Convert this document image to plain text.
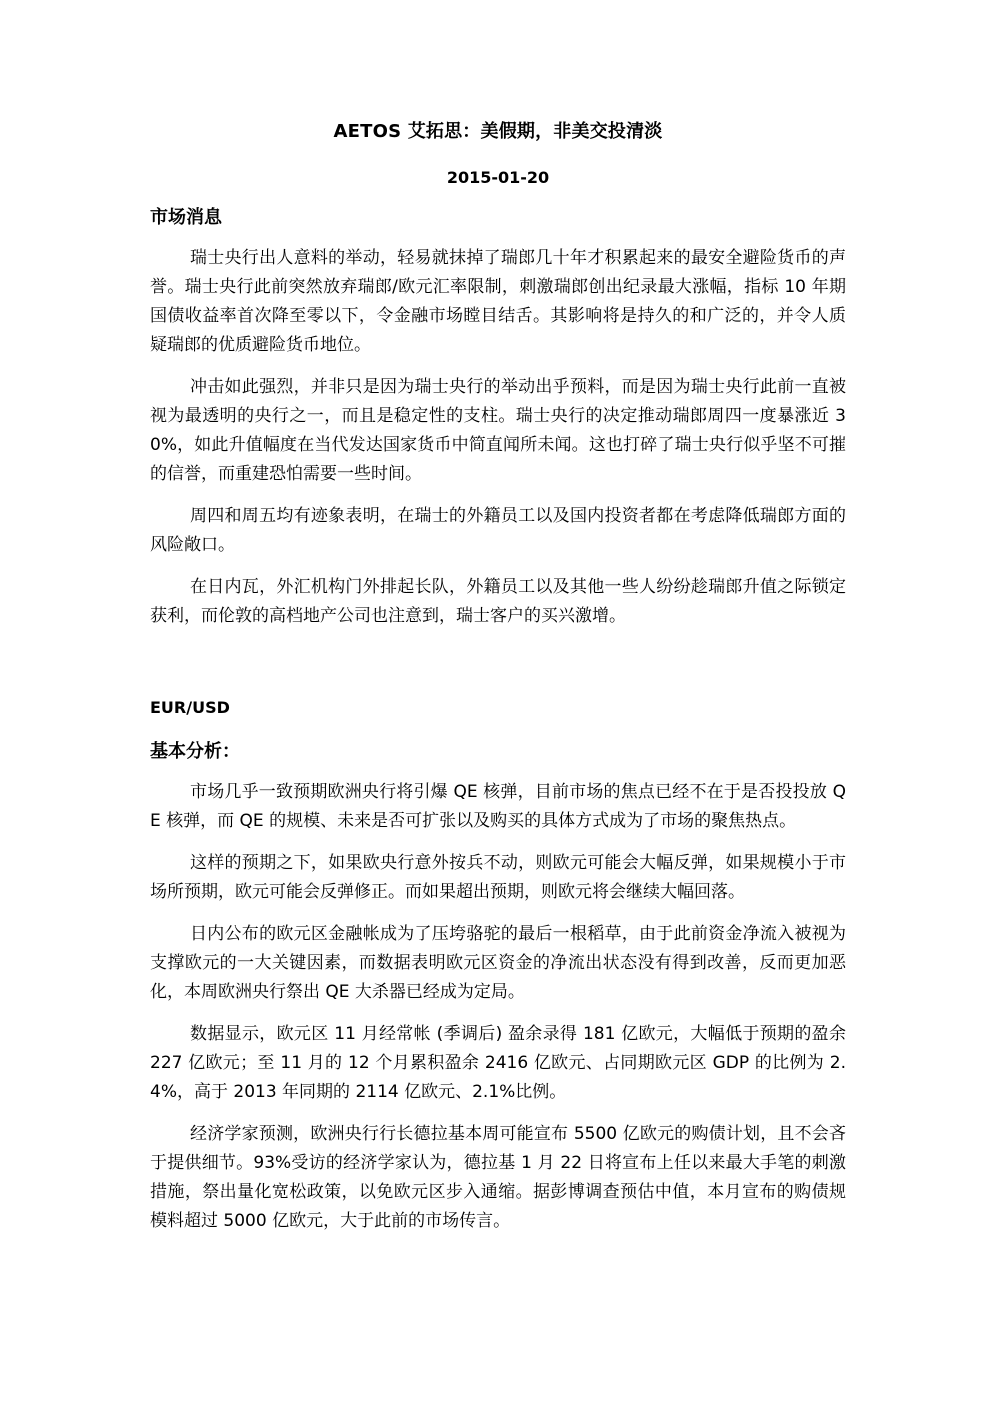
AETOS 艾拓思：美假期，非美交投清淡
2015-01-20
市场消息

瑞士央行出人意料的举动，轻易就抹掉了瑞郎几十年才积累起来的最安全避险货币的声誉。瑞士央行此前突然放弃瑞郎/欧元汇率限制，刺激瑞郎创出纪录最大涨幅，指标 10 年期国债收益率首次降至零以下，令金融市场瞠目结舌。其影响将是持久的和广泛的，并令人质疑瑞郎的优质避险货币地位。

冲击如此强烈，并非只是因为瑞士央行的举动出乎预料，而是因为瑞士央行此前一直被视为最透明的央行之一，而且是稳定性的支柱。瑞士央行的决定推动瑞郎周四一度暴涨近 30%，如此升值幅度在当代发达国家货币中简直闻所未闻。这也打碎了瑞士央行似乎坚不可摧的信誉，而重建恐怕需要一些时间。

周四和周五均有迹象表明，在瑞士的外籍员工以及国内投资者都在考虑降低瑞郎方面的风险敞口。

在日内瓦，外汇机构门外排起长队，外籍员工以及其他一些人纷纷趁瑞郎升值之际锁定获利，而伦敦的高档地产公司也注意到，瑞士客户的买兴激增。

EUR/USD
基本分析：

市场几乎一致预期欧洲央行将引爆 QE 核弹，目前市场的焦点已经不在于是否投投放 QE 核弹，而 QE 的规模、未来是否可扩张以及购买的具体方式成为了市场的聚焦热点。

这样的预期之下，如果欧央行意外按兵不动，则欧元可能会大幅反弹，如果规模小于市场所预期，欧元可能会反弹修正。而如果超出预期，则欧元将会继续大幅回落。

日内公布的欧元区金融帐成为了压垮骆驼的最后一根稻草，由于此前资金净流入被视为支撑欧元的一大关键因素，而数据表明欧元区资金的净流出状态没有得到改善，反而更加恶化，本周欧洲央行祭出 QE 大杀器已经成为定局。

数据显示，欧元区 11 月经常帐 (季调后) 盈余录得 181 亿欧元，大幅低于预期的盈余 227 亿欧元；至 11 月的 12 个月累积盈余 2416 亿欧元、占同期欧元区 GDP 的比例为 2.4%，高于 2013 年同期的 2114 亿欧元、2.1%比例。

经济学家预测，欧洲央行行长德拉基本周可能宣布 5500 亿欧元的购债计划，且不会吝于提供细节。93%受访的经济学家认为，德拉基 1 月 22 日将宣布上任以来最大手笔的刺激措施，祭出量化宽松政策，以免欧元区步入通缩。据彭博调查预估中值，本月宣布的购债规模料超过 5000 亿欧元，大于此前的市场传言。
